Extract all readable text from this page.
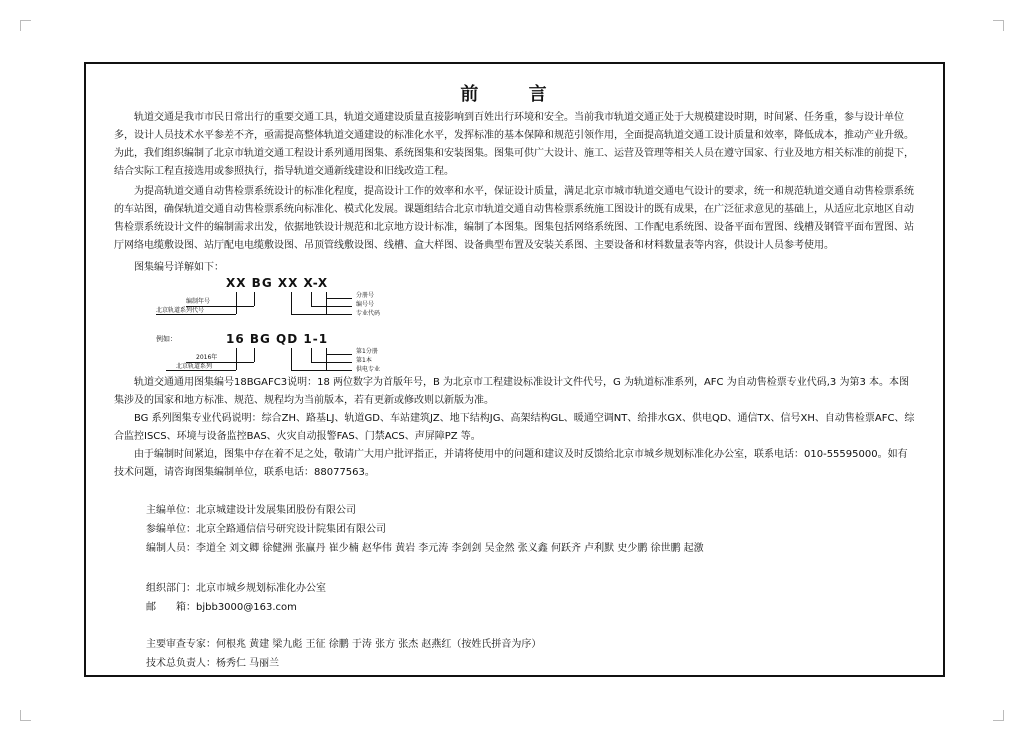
前 言
轨道交通是我市市民日常出行的重要交通工具，轨道交通建设质量直接影响到百姓出行环境和安全。当前我市轨道交通正处于大规模建设时期，时间紧、任务重，参与设计单位多，设计人员技术水平参差不齐，亟需提高整体轨道交通建设的标准化水平，发挥标准的基本保障和规范引领作用，全面提高轨道交通工设计质量和效率，降低成本，推动产业升级。为此，我们组织编制了北京市轨道交通工程设计系列通用图集、系统图集和安装图集。图集可供广大设计、施工、运营及管理等相关人员在遵守国家、行业及地方相关标准的前提下，结合实际工程直接选用或参照执行，指导轨道交通新线建设和旧线改造工程。
为提高轨道交通自动售检票系统设计的标准化程度，提高设计工作的效率和水平，保证设计质量，满足北京市城市轨道交通电气设计的要求，统一和规范轨道交通自动售检票系统的车站图，确保轨道交通自动售检票系统向标准化、模式化发展。课题组结合北京市轨道交通自动售检票系统施工图设计的既有成果，在广泛征求意见的基础上，从适应北京地区自动售检票系统设计文件的编制需求出发，依据地铁设计规范和北京地方设计标准，编制了本图集。图集包括网络系统图、工作配电系统图、设备平面布置图、线槽及钢管平面布置图、站厅网络电缆敷设图、站厅配电电缆敷设图、吊顶管线敷设图、线槽、盒大样图、设备典型布置及安装关系图、主要设备和材料数量表等内容，供设计人员参考使用。
图集编号详解如下：
XX BG XX X-X
编制年号
北京轨道系列代号
分册号
编号号
专业代码
例如：	16 BG QD 1-1
2016年
北京轨道系列
第1分册
第1本
供电专业
轨道交通通用图集编号18BGAFC3说明：18 两位数字为首版年号，B 为北京市工程建设标准设计文件代号，G 为轨道标准系列，AFC 为自动售检票专业代码,3 为第3 本。本图集涉及的国家和地方标准、规范、规程均为当前版本，若有更新或修改则以新版为准。
BG 系列图集专业代码说明：综合ZH、路基LJ、轨道GD、车站建筑JZ、地下结构JG、高架结构GL、暖通空调NT、给排水GX、供电QD、通信TX、信号XH、自动售检票AFC、综合监控ISCS、环境与设备监控BAS、火灾自动报警FAS、门禁ACS、声屏障PZ 等。
由于编制时间紧迫，图集中存在着不足之处，敬请广大用户批评指正，并请将使用中的问题和建议及时反馈给北京市城乡规划标准化办公室，联系电话：010-55595000。如有技术问题，请咨询图集编制单位，联系电话：88077563。
主编单位：北京城建设计发展集团股份有限公司
参编单位：北京全路通信信号研究设计院集团有限公司
编制人员：李道全 刘文卿 徐健洲 张赢丹 崔少楠 赵华伟 黄岩 李元涛 李剑剑 吴金然 张义鑫 何跃齐 卢利默 史少鹏 徐世鹏 起激
组织部门：北京市城乡规划标准化办公室
邮　　箱：bjbb3000@163.com
主要审查专家：何根兆 黄建 梁九彪 王征 徐鹏 于涛 张方 张杰 赵燕红（按姓氏拼音为序）
技术总负责人：杨秀仁 马丽兰
